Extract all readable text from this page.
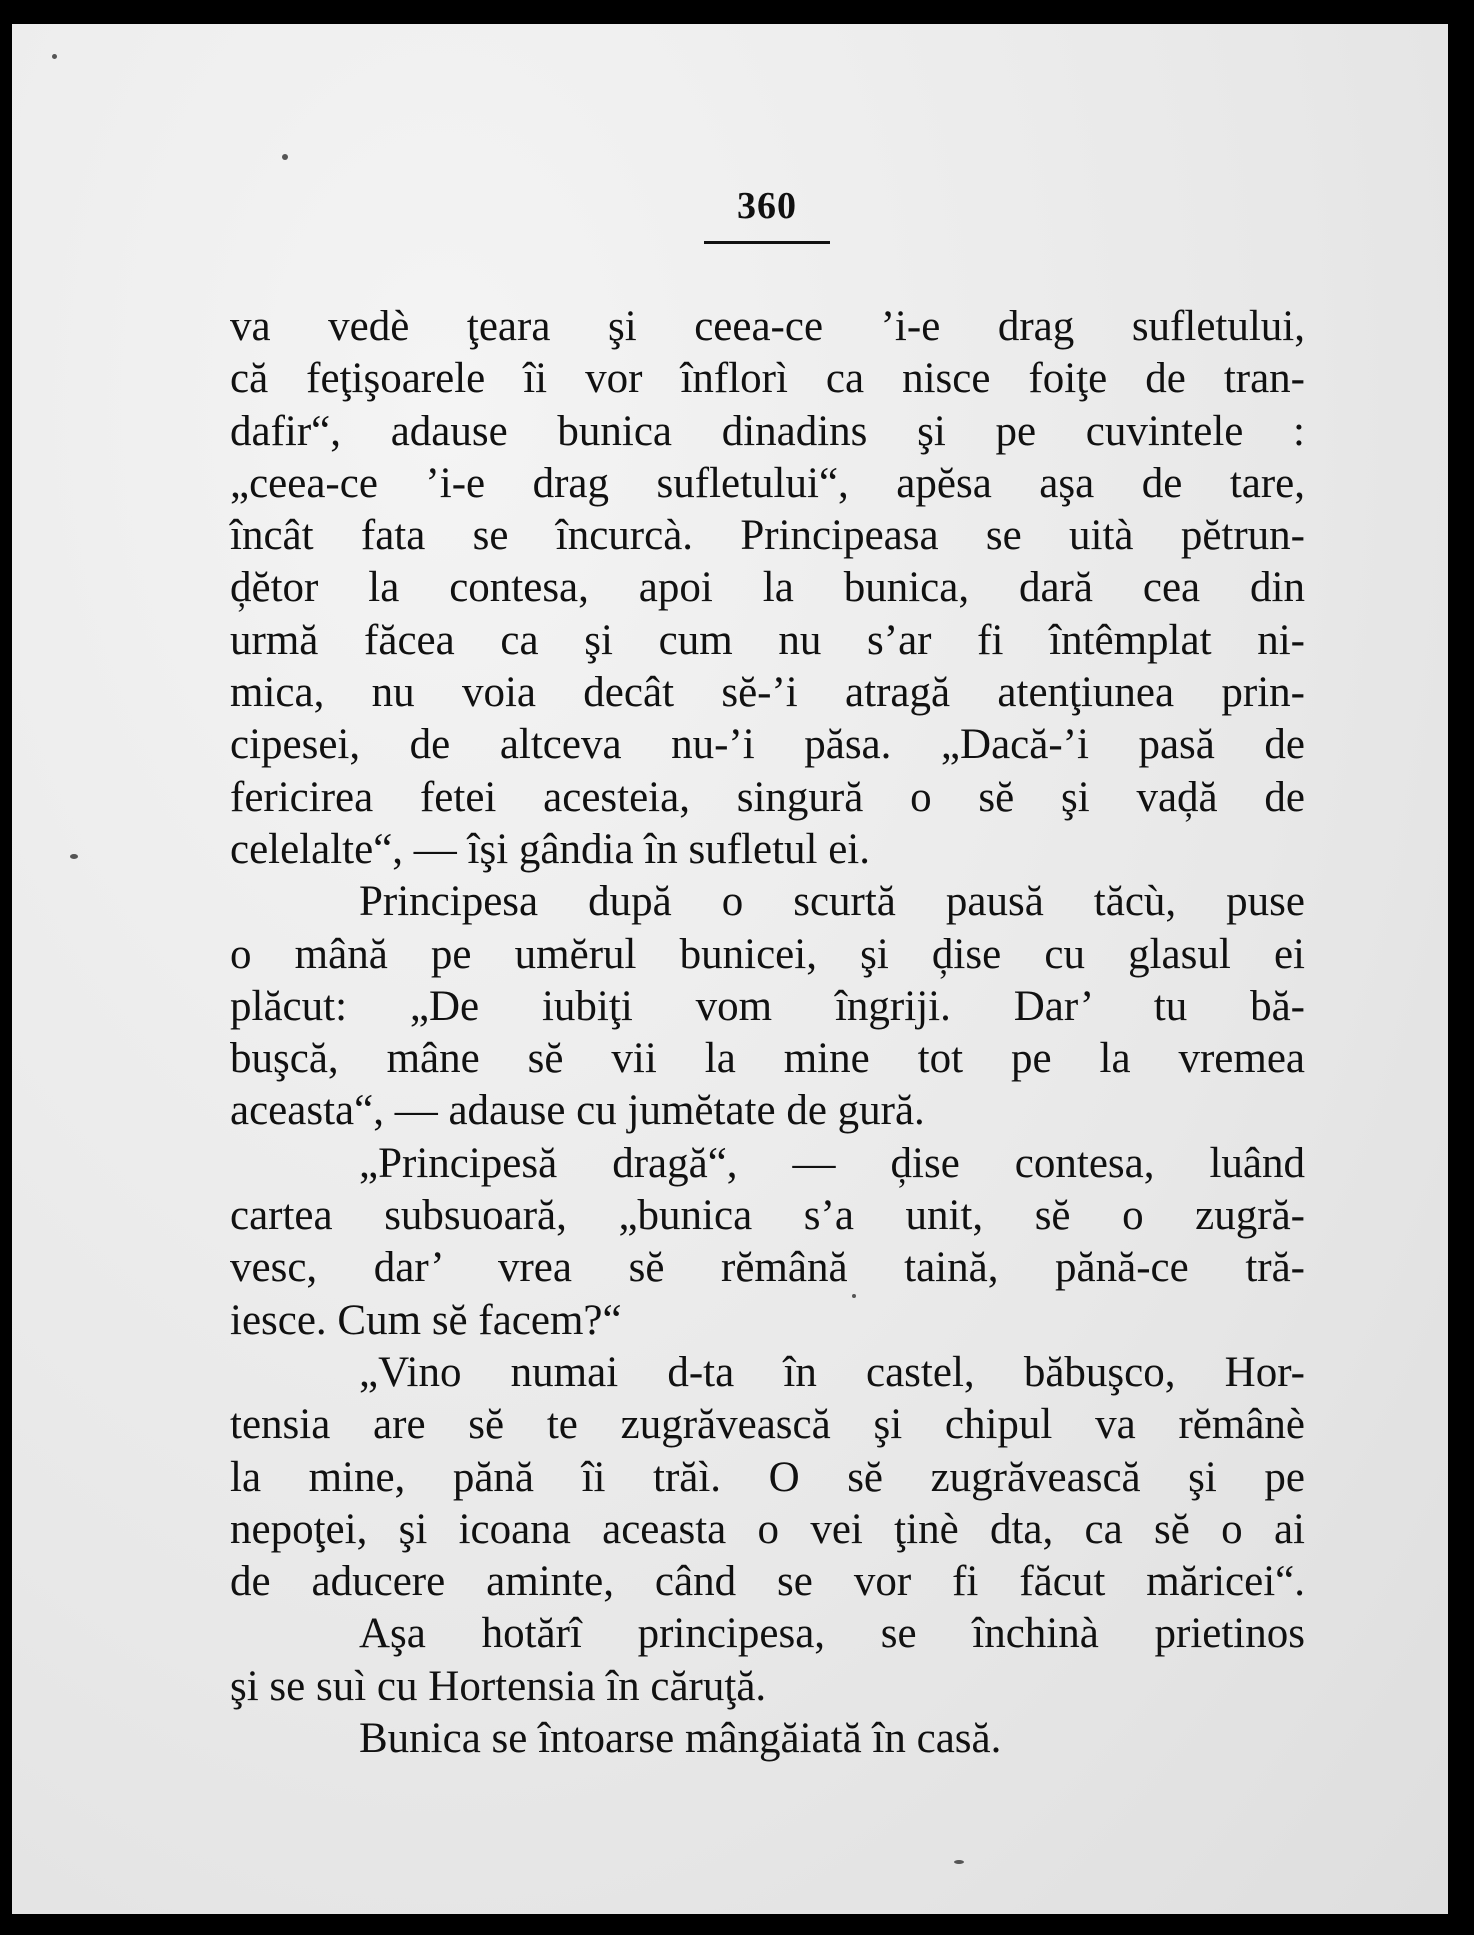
360
va vedè ţeara şi ceea-ce ’i-e drag sufletului,
că feţişoarele îi vor înflorì ca nisce foiţe de tran-
dafir“, adause bunica dinadins şi pe cuvintele :
„ceea-ce ’i-e drag sufletului“, apĕsa aşa de tare,
încât fata se încurcà. Principeasa se uità pĕtrun-
ḑĕtor la contesa, apoi la bunica, dară cea din
urmă făcea ca şi cum nu s’ar fi întêmplat ni-
mica, nu voia decât sĕ-’i atragă atenţiunea prin-
cipesei, de altceva nu-’i păsa. „Dacă-’i pasă de
fericirea fetei acesteia, singură o sĕ şi vaḑă de
celelalte“, — îşi gândia în sufletul ei.
Principesa după o scurtă pausă tăcù, puse
o mână pe umĕrul bunicei, şi ḑise cu glasul ei
plăcut: „De iubiţi vom îngriji. Dar’ tu bă-
buşcă, mâne sĕ vii la mine tot pe la vremea
aceasta“, — adause cu jumĕtate de gură.
„Principesă dragă“, — ḑise contesa, luând
cartea subsuoară, „bunica s’a unit, sĕ o zugră-
vesc, dar’ vrea sĕ rĕmână taină, pănă-ce tră-
iesce. Cum sĕ facem?“
„Vino numai d-ta în castel, băbuşco, Hor-
tensia are sĕ te zugrăvească şi chipul va rĕmânè
la mine, pănă îi trăì. O sĕ zugrăvească şi pe
nepoţei, şi icoana aceasta o vei ţinè dta, ca sĕ o ai
de aducere aminte, când se vor fi făcut măricei“.
Aşa hotărî principesa, se închinà prietinos
şi se suì cu Hortensia în căruţă.
Bunica se întoarse mângăiată în casă.
